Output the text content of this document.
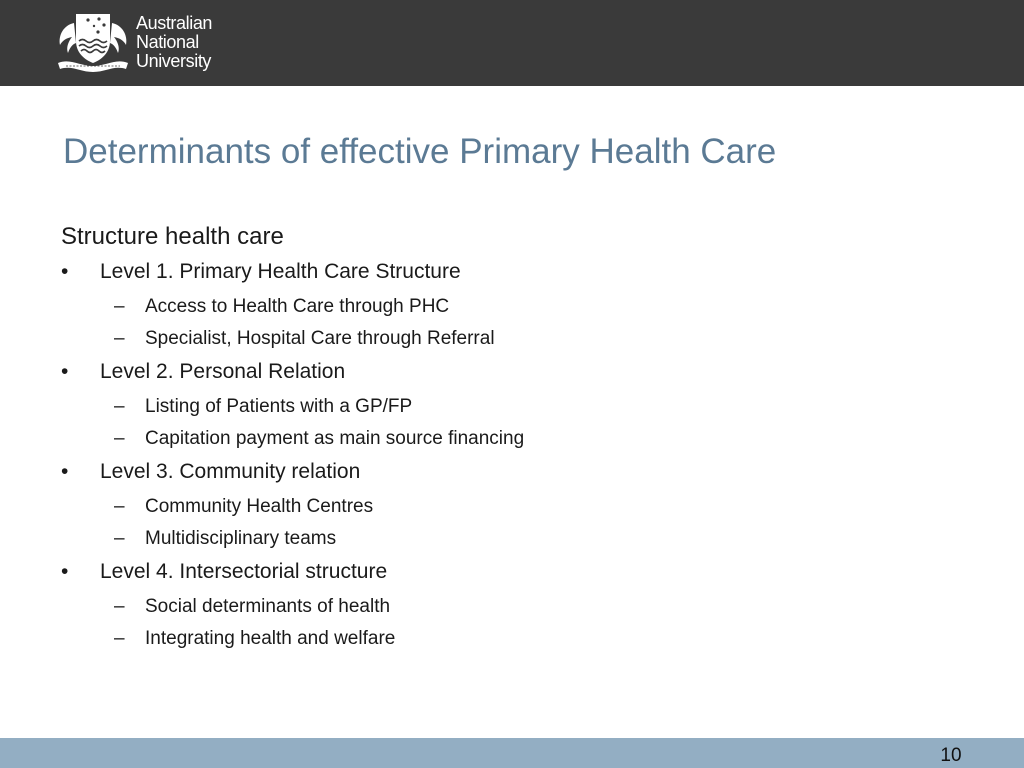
Australian
National
University
Determinants of effective Primary Health Care
Structure health care
•	Level 1. Primary Health Care Structure
– Access to Health Care through PHC
– Specialist, Hospital Care through Referral
•	Level 2. Personal Relation
– Listing of Patients with a GP/FP
– Capitation payment as main source financing
•	Level 3. Community relation
– Community Health Centres
– Multidisciplinary teams
•	Level 4. Intersectorial structure
– Social determinants of health
– Integrating health and welfare
10
